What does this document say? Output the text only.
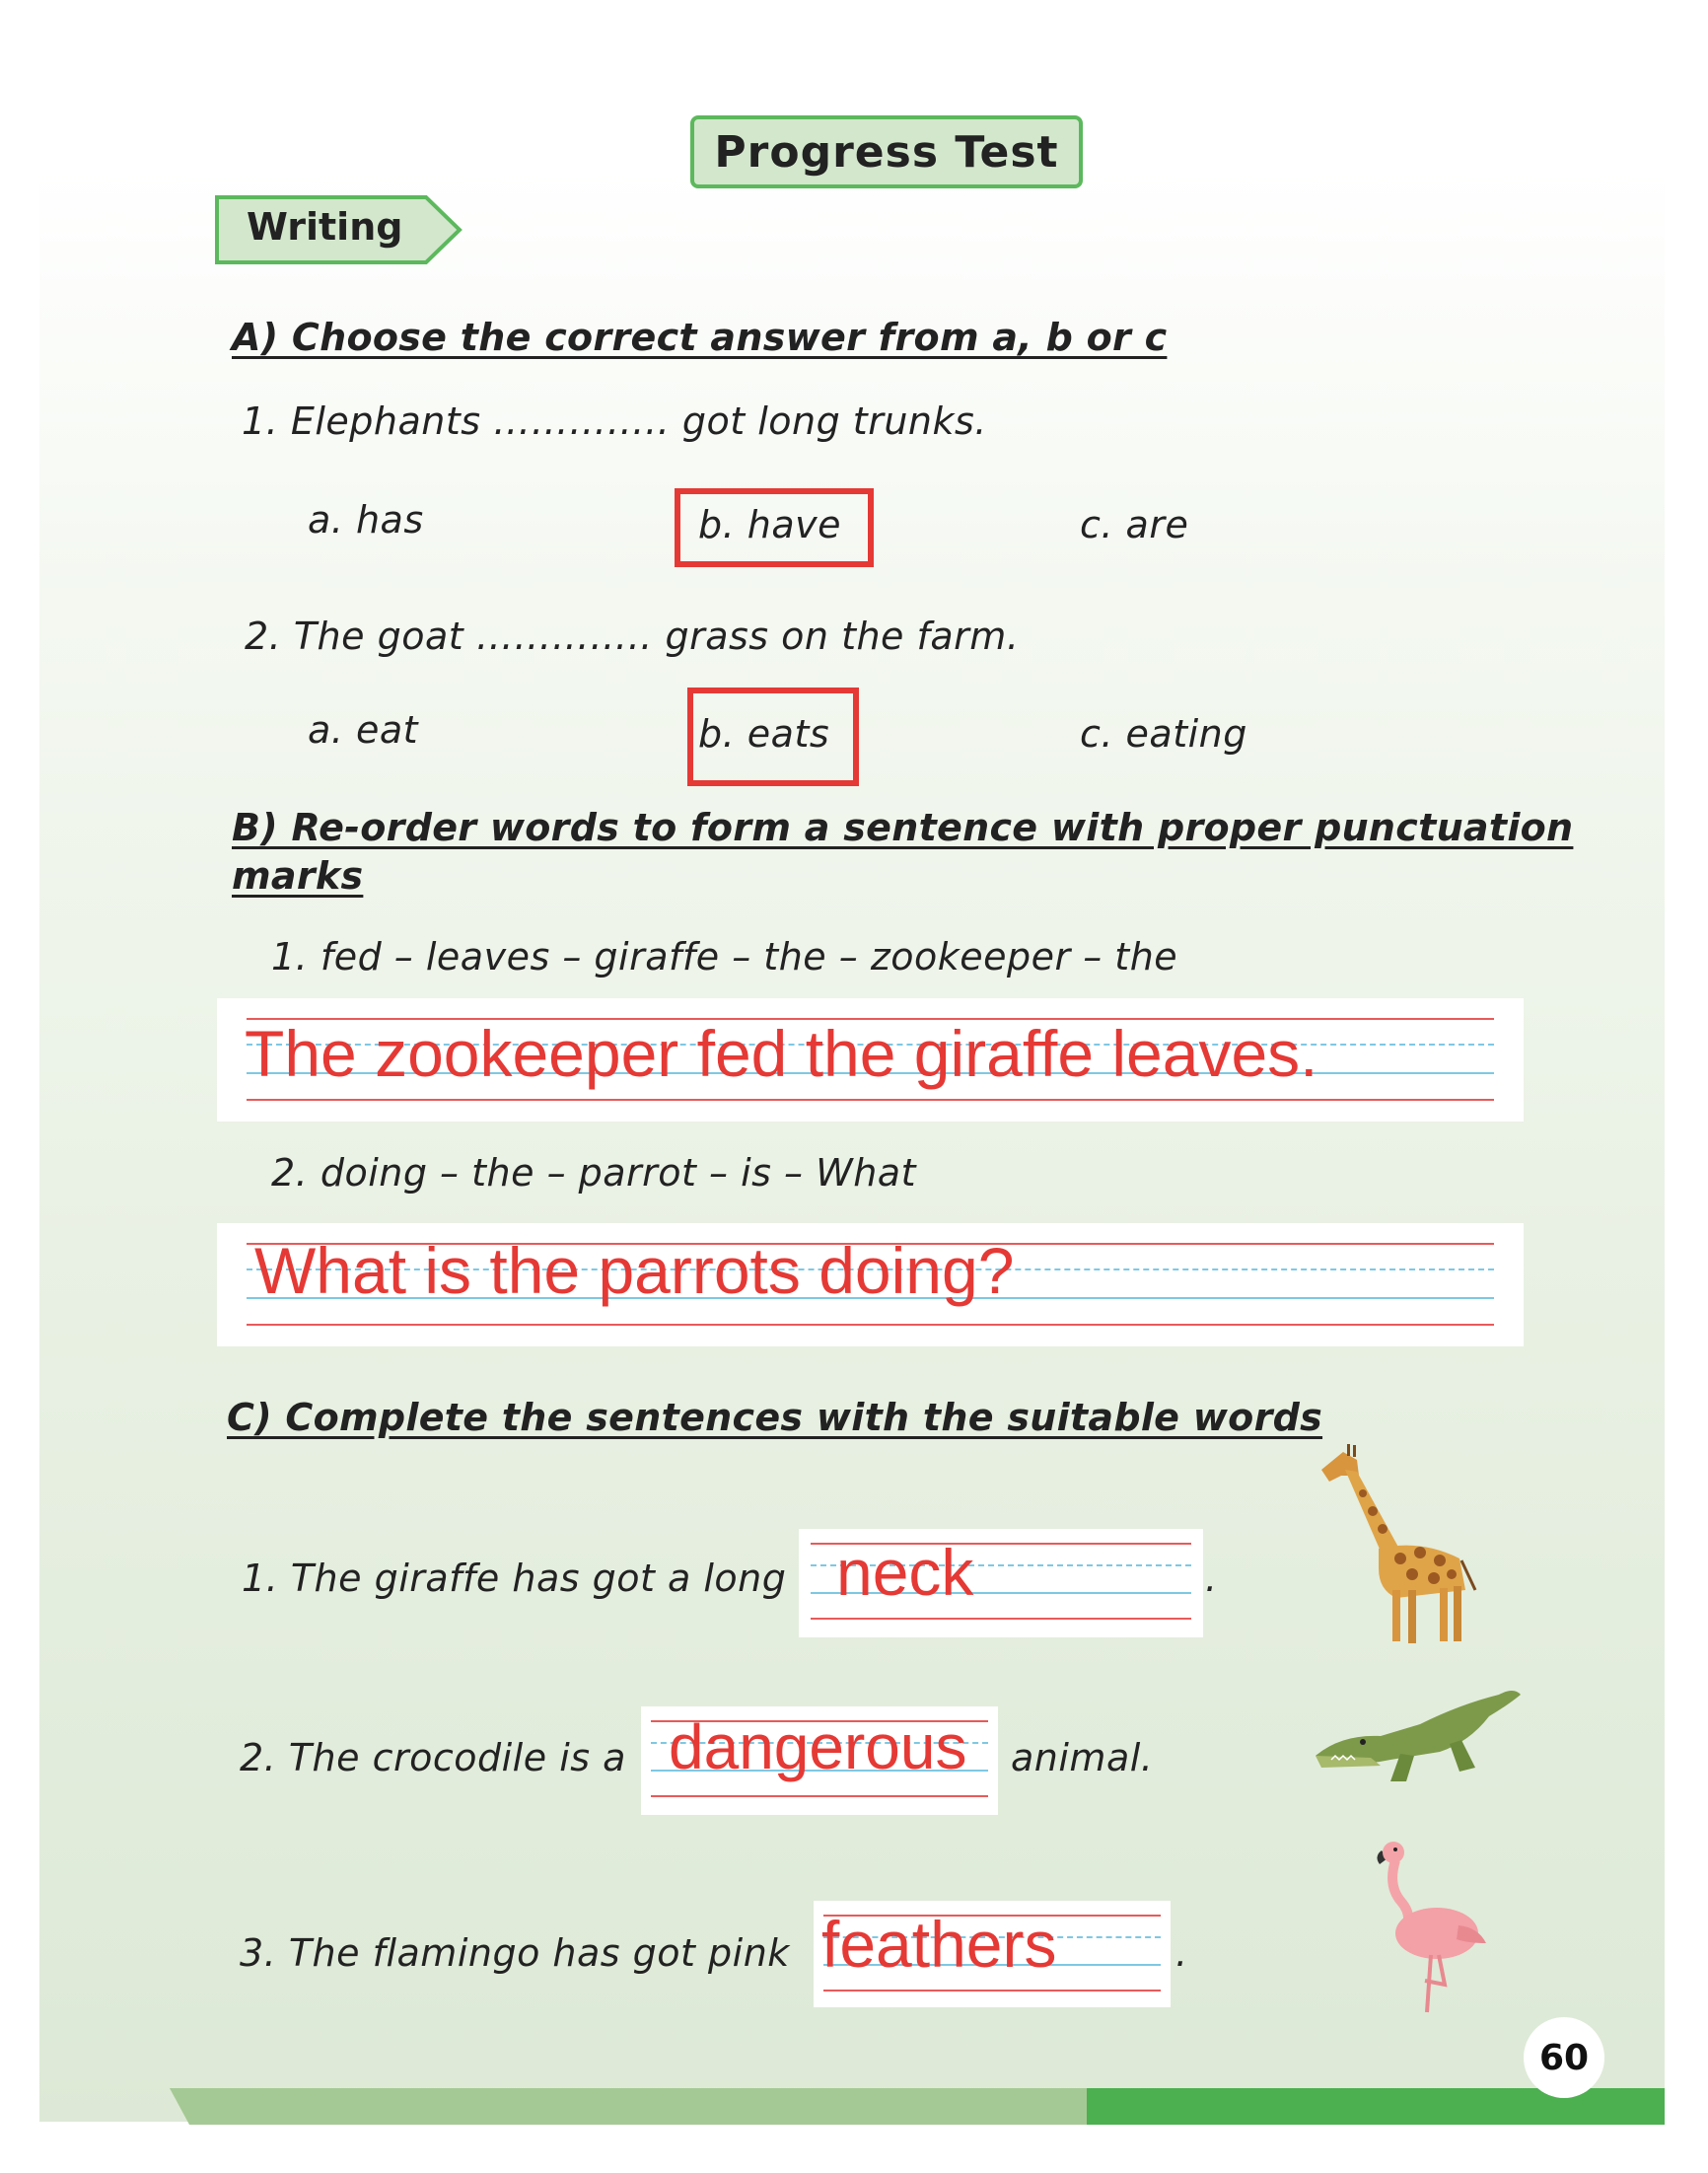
Progress Test
Writing
A) Choose the correct answer from a, b or c
1. Elephants ………….. got long trunks.
a. has	b. have	c. are
2. The goat ………….. grass on the farm.
a. eat	b. eats	c. eating
B) Re-order words to form a sentence with proper punctuation
marks
1. fed – leaves – giraffe – the – zookeeper – the
The zookeeper fed the giraffe leaves.
2. doing – the – parrot – is – What
What is the parrots doing?
C) Complete the sentences with the suitable words
1. The giraffe has got a long neck	.
2. The crocodile is a dangerous animal.
3. The flamingo has got pink feathers	.
60
